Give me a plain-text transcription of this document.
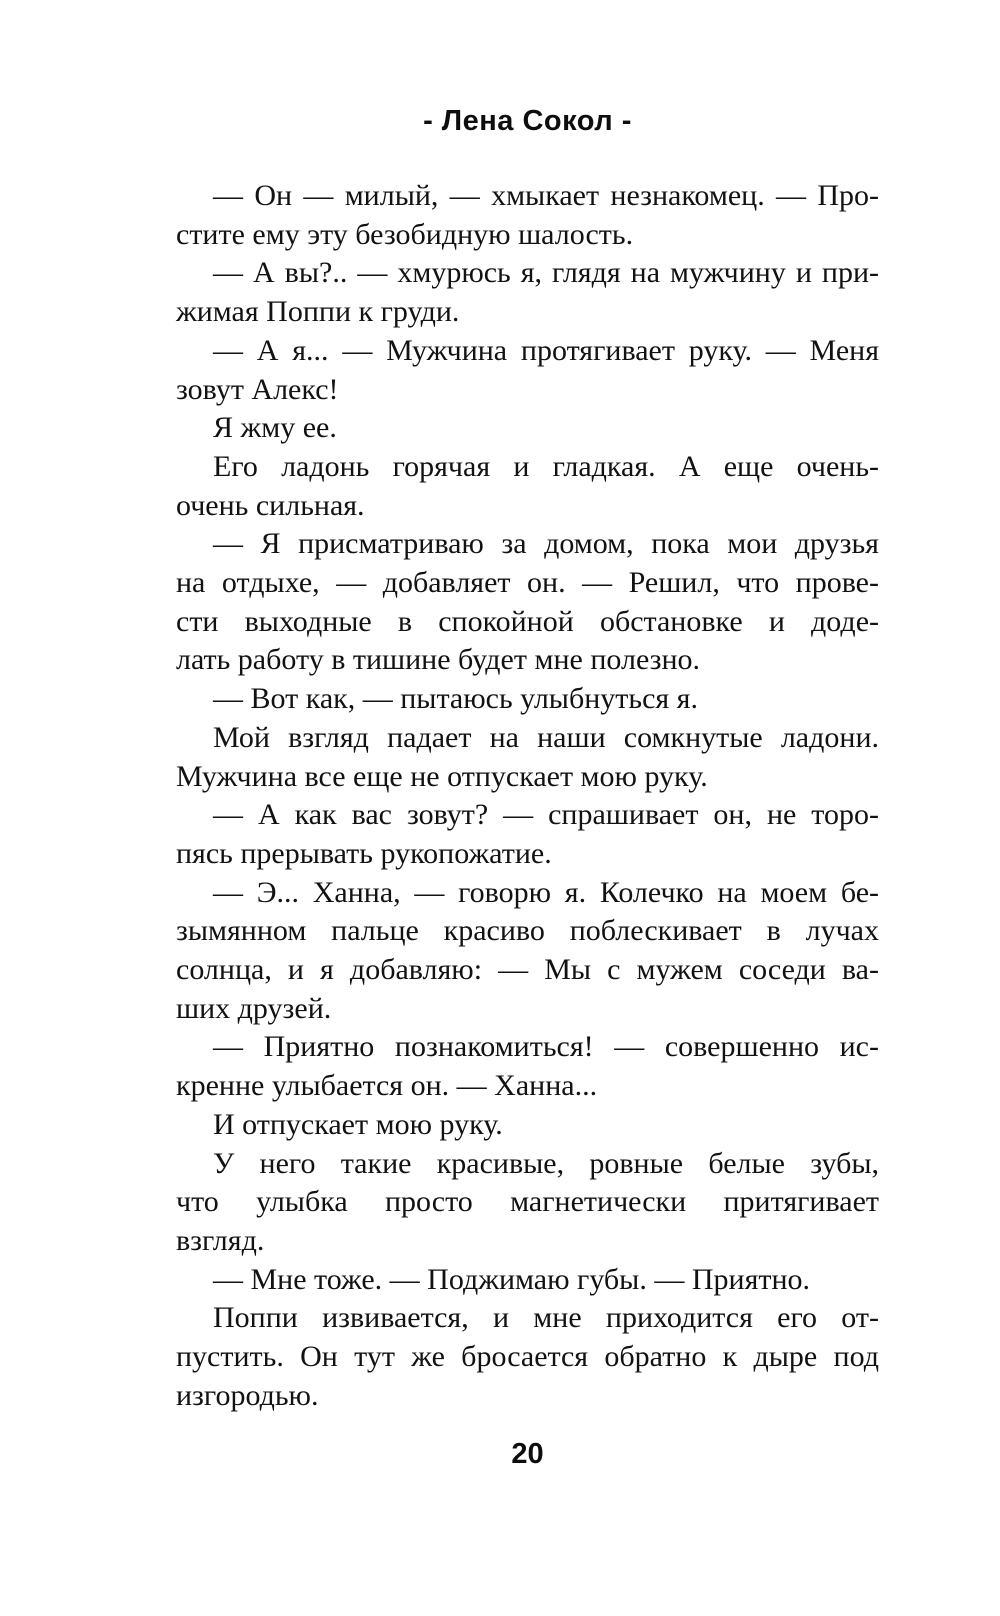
- Лена Сокол -
— Он — милый, — хмыкает незнакомец. — Про-
стите ему эту безобидную шалость.
— А вы?.. — хмурюсь я, глядя на мужчину и при-
жимая Поппи к груди.
— А я... — Мужчина протягивает руку. — Меня
зовут Алекс!
Я жму ее.
Его ладонь горячая и гладкая. А еще очень-
очень сильная.
— Я присматриваю за домом, пока мои друзья
на отдыхе, — добавляет он. — Решил, что прове-
сти выходные в спокойной обстановке и доде-
лать работу в тишине будет мне полезно.
— Вот как, — пытаюсь улыбнуться я.
Мой взгляд падает на наши сомкнутые ладони.
Мужчина все еще не отпускает мою руку.
— А как вас зовут? — спрашивает он, не торо-
пясь прерывать рукопожатие.
— Э... Ханна, — говорю я. Колечко на моем бе-
зымянном пальце красиво поблескивает в лучах
солнца, и я добавляю: — Мы с мужем соседи ва-
ших друзей.
— Приятно познакомиться! — совершенно ис-
кренне улыбается он. — Ханна...
И отпускает мою руку.
У него такие красивые, ровные белые зубы,
что улыбка просто магнетически притягивает
взгляд.
— Мне тоже. — Поджимаю губы. — Приятно.
Поппи извивается, и мне приходится его от-
пустить. Он тут же бросается обратно к дыре под
изгородью.
20
